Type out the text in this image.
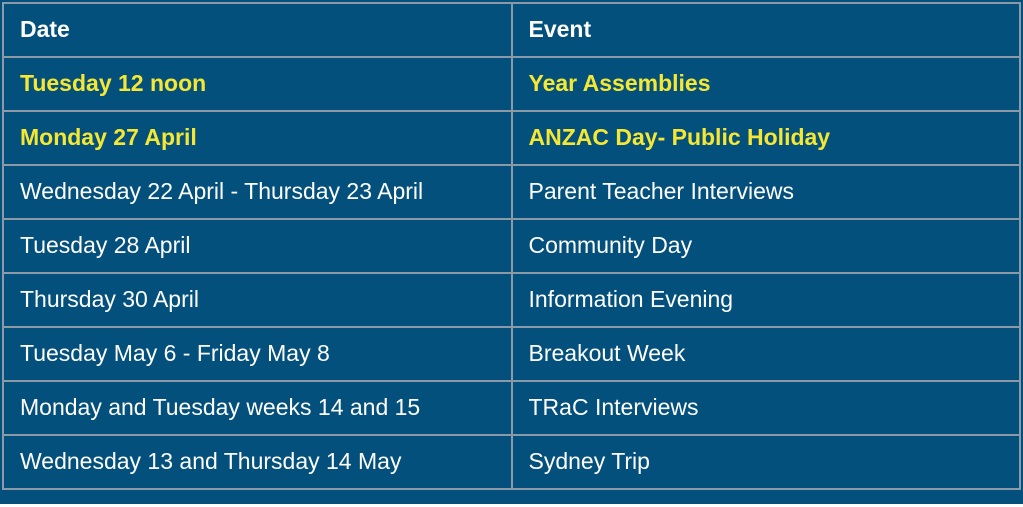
Date	Event
Tuesday 12 noon	Year Assemblies
Monday 27 April	ANZAC Day- Public Holiday
Wednesday 22 April - Thursday 23 April	Parent Teacher Interviews
Tuesday 28 April	Community Day
Thursday 30 April	Information Evening
Tuesday May 6 - Friday May 8	Breakout Week
Monday and Tuesday weeks 14 and 15	TRaC Interviews
Wednesday 13 and Thursday 14 May	Sydney Trip
